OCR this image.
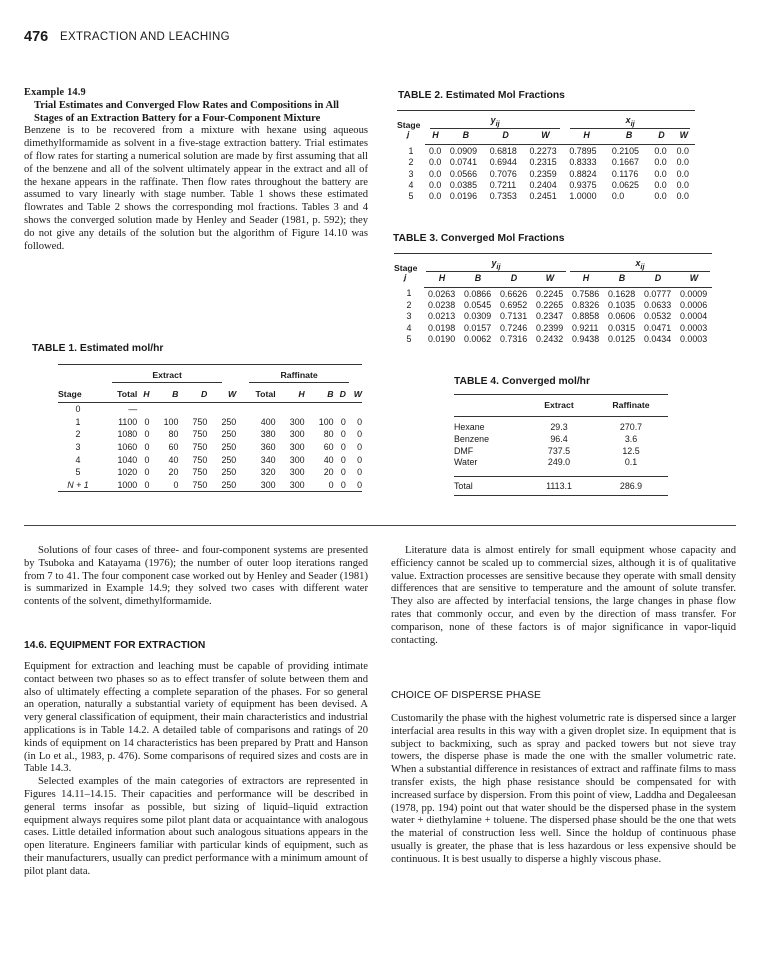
476 EXTRACTION AND LEACHING
Example 14.9
Trial Estimates and Converged Flow Rates and Compositions in All Stages of an Extraction Battery for a Four-Component Mixture

Benzene is to be recovered from a mixture with hexane using aqueous dimethylformamide as solvent in a five-stage extraction battery. Trial estimates of flow rates for starting a numerical solution are made by first assuming that all of the benzene and all of the solvent ultimately appear in the extract and all of the hexane appears in the raffinate. Then flow rates throughout the battery are assumed to vary linearly with stage number. Table 1 shows these estimated flowrates and Table 2 shows the corresponding mol fractions. Tables 3 and 4 shows the converged solution made by Henley and Seader (1981, p. 592); they do not give any details of the solution but the algorithm of Figure 14.10 was followed.

TABLE 1. Estimated mol/hr
	Extract					Raffinate				
Stage	Total	H	B	D	W	Total	H	B	D	W
0	—									
1	1100	0	100	750	250	400	300	100	0	0
2	1080	0	80	750	250	380	300	80	0	0
3	1060	0	60	750	250	360	300	60	0	0
4	1040	0	40	750	250	340	300	40	0	0
5	1020	0	20	750	250	320	300	20	0	0
N + 1	1000	0	0	750	250	300	300	0	0	0
TABLE 2. Estimated Mol Fractions

Stage
j	$y_{ij}$				$x_{ij}$
	H	B	D	W	H	B	D	W
1	0.0	0.0909	0.6818	0.2273	0.7895	0.2105	0.0	0.0
2	0.0	0.0741	0.6944	0.2315	0.8333	0.1667	0.0	0.0
3	0.0	0.0566	0.7076	0.2359	0.8824	0.1176	0.0	0.0
4	0.0	0.0385	0.7211	0.2404	0.9375	0.0625	0.0	0.0
5	0.0	0.0196	0.7353	0.2451	1.0000	0.0	0.0	0.0
TABLE 3. Converged Mol Fractions

Stage
j	$y_{ij}$				$x_{ij}$
	H	B	D	W	H	B	D	W
1	0.0263	0.0866	0.6626	0.2245	0.7586	0.1628	0.0777	0.0009
2	0.0238	0.0545	0.6952	0.2265	0.8326	0.1035	0.0633	0.0006
3	0.0213	0.0309	0.7131	0.2347	0.8858	0.0606	0.0532	0.0004
4	0.0198	0.0157	0.7246	0.2399	0.9211	0.0315	0.0471	0.0003
5	0.0190	0.0062	0.7316	0.2432	0.9438	0.0125	0.0434	0.0003
TABLE 4. Converged mol/hr

	Extract	Raffinate

Hexane	29.3	270.7
Benzene	96.4	3.6
DMF	737.5	12.5
Water	249.0	0.1

Total	1113.1	286.9

Solutions of four cases of three- and four-component systems are presented by Tsuboka and Katayama (1976); the number of outer loop iterations ranged from 7 to 41. The four component case worked out by Henley and Seader (1981) is summarized in Example 14.9; they solved two cases with different water contents of the solvent, dimethylformamide.

14.6. EQUIPMENT FOR EXTRACTION

Equipment for extraction and leaching must be capable of providing intimate contact between two phases so as to effect transfer of solute between them and also of ultimately effecting a complete separation of the phases. For so general an operation, naturally a substantial variety of equipment has been devised. A very general classification of equipment, their main characteristics and industrial applications is in Table 14.2. A detailed table of comparisons and ratings of 20 kinds of equipment on 14 characteristics has been prepared by Pratt and Hanson (in Lo et al., 1983, p. 476). Some comparisons of required sizes and costs are in Table 14.3.

Selected examples of the main categories of extractors are represented in Figures 14.11–14.15. Their capacities and performance will be described in general terms insofar as possible, but sizing of liquid–liquid extraction equipment always requires some pilot plant data or acquaintance with analogous cases. Little detailed information about such analogous situations appears in the open literature. Engineers familiar with particular kinds of equipment, such as their manufacturers, usually can predict performance with a minimum amount of pilot plant data.

Literature data is almost entirely for small equipment whose capacity and efficiency cannot be scaled up to commercial sizes, although it is of qualitative value. Extraction processes are sensitive because they operate with small density differences that are sensitive to temperature and the amount of solute transfer. They also are affected by interfacial tensions, the large changes in phase flow rates that commonly occur, and even by the direction of mass transfer. For comparison, none of these factors is of major significance in vapor-liquid contacting.

CHOICE OF DISPERSE PHASE

Customarily the phase with the highest volumetric rate is dispersed since a larger interfacial area results in this way with a given droplet size. In equipment that is subject to backmixing, such as spray and packed towers but not sieve tray towers, the disperse phase is made the one with the smaller volumetric rate. When a substantial difference in resistances of extract and raffinate films to mass transfer exists, the high phase resistance should be compensated for with increased surface by dispersion. From this point of view, Laddha and Degaleesan (1978, pp. 194) point out that water should be the dispersed phase in the system water + diethylamine + toluene. The dispersed phase should be the one that wets the material of construction less well. Since the holdup of continuous phase usually is greater, the phase that is less hazardous or less expensive should be continuous. It is best usually to disperse a highly viscous phase.
